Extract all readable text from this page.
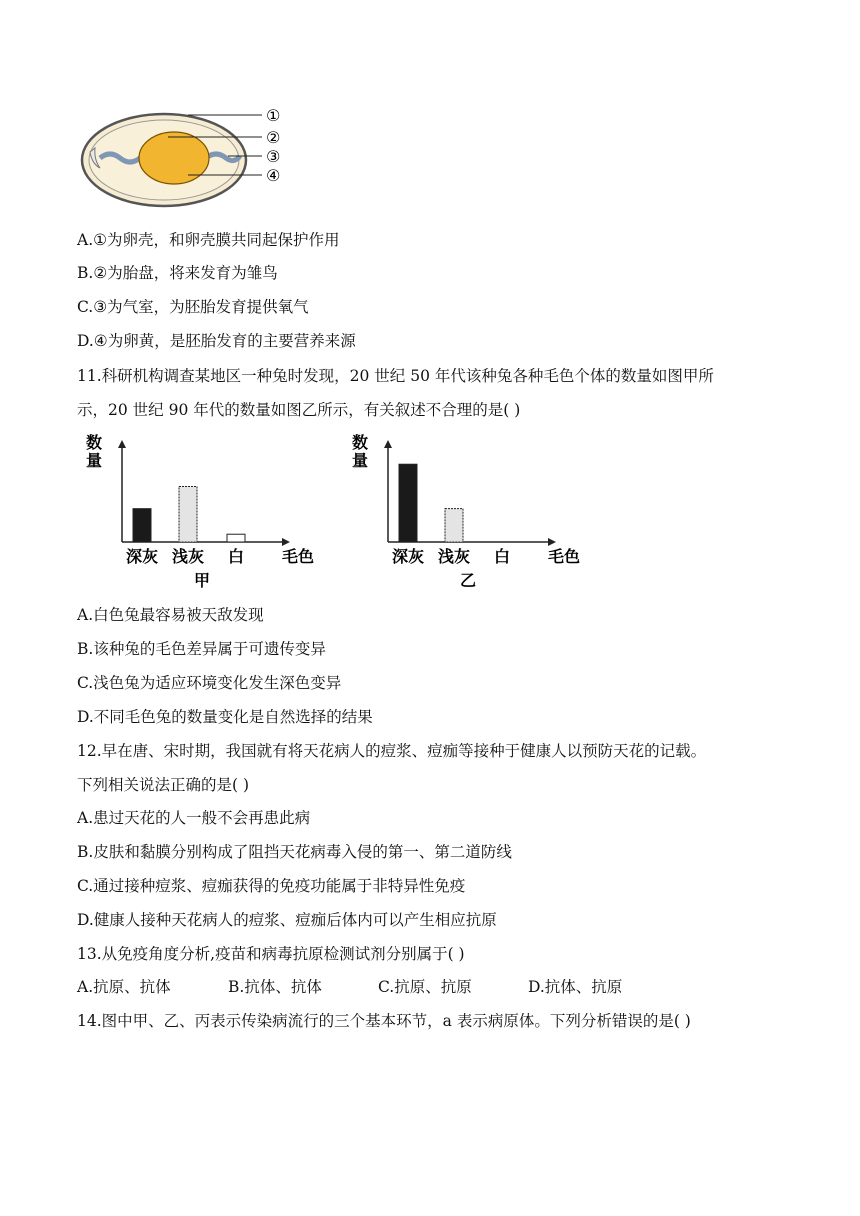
①
②
③
④
A.①为卵壳，和卵壳膜共同起保护作用
B.②为胎盘，将来发育为雏鸟
C.③为气室，为胚胎发育提供氧气
D.④为卵黄，是胚胎发育的主要营养来源
11.科研机构调查某地区一种兔时发现，20 世纪 50 年代该种兔各种毛色个体的数量如图甲所
示，20 世纪 90 年代的数量如图乙所示，有关叙述不合理的是( )
数
量
深灰 浅灰 白 毛色
甲
数
量
深灰 浅灰 白 毛色
乙
A.白色兔最容易被天敌发现
B.该种兔的毛色差异属于可遗传变异
C.浅色兔为适应环境变化发生深色变异
D.不同毛色兔的数量变化是自然选择的结果
12.早在唐、宋时期，我国就有将天花病人的痘浆、痘痂等接种于健康人以预防天花的记载。
下列相关说法正确的是( )
A.患过天花的人一般不会再患此病
B.皮肤和黏膜分别构成了阻挡天花病毒入侵的第一、第二道防线
C.通过接种痘浆、痘痂获得的免疫功能属于非特异性免疫
D.健康人接种天花病人的痘浆、痘痂后体内可以产生相应抗原
13.从免疫角度分析,疫苗和病毒抗原检测试剂分别属于( )
A.抗原、抗体	B.抗体、抗体	C.抗原、抗原	D.抗体、抗原
14.图中甲、乙、丙表示传染病流行的三个基本环节，a 表示病原体。下列分析错误的是( )
